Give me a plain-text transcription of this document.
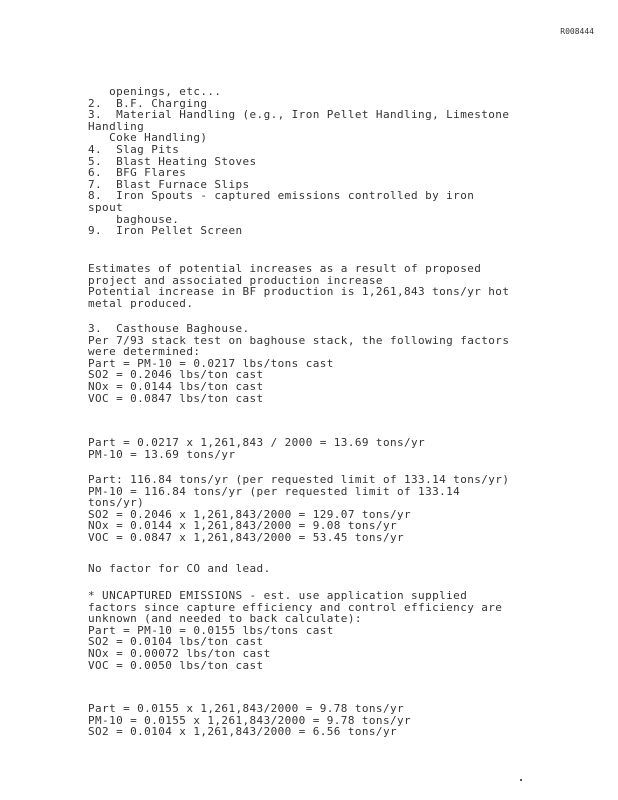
R008444
openings, etc...
2.  B.F. Charging
3.  Material Handling (e.g., Iron Pellet Handling, Limestone
Handling
Coke Handling)
4.  Slag Pits
5.  Blast Heating Stoves
6.  BFG Flares
7.  Blast Furnace Slips
8.  Iron Spouts - captured emissions controlled by iron
spout
baghouse.
9.  Iron Pellet Screen
Estimates of potential increases as a result of proposed
project and associated production increase
Potential increase in BF production is 1,261,843 tons/yr hot
metal produced.
3.  Casthouse Baghouse.
Per 7/93 stack test on baghouse stack, the following factors
were determined:
Part = PM-10 = 0.0217 lbs/tons cast
SO2 = 0.2046 lbs/ton cast
NOx = 0.0144 lbs/ton cast
VOC = 0.0847 lbs/ton cast
Part = 0.0217 x 1,261,843 / 2000 = 13.69 tons/yr
PM-10 = 13.69 tons/yr
Part: 116.84 tons/yr (per requested limit of 133.14 tons/yr)
PM-10 = 116.84 tons/yr (per requested limit of 133.14
tons/yr)
SO2 = 0.2046 x 1,261,843/2000 = 129.07 tons/yr
NOx = 0.0144 x 1,261,843/2000 = 9.08 tons/yr
VOC = 0.0847 x 1,261,843/2000 = 53.45 tons/yr
No factor for CO and lead.
* UNCAPTURED EMISSIONS - est. use application supplied
factors since capture efficiency and control efficiency are
unknown (and needed to back calculate):
Part = PM-10 = 0.0155 lbs/tons cast
SO2 = 0.0104 lbs/ton cast
NOx = 0.00072 lbs/ton cast
VOC = 0.0050 lbs/ton cast
Part = 0.0155 x 1,261,843/2000 = 9.78 tons/yr
PM-10 = 0.0155 x 1,261,843/2000 = 9.78 tons/yr
SO2 = 0.0104 x 1,261,843/2000 = 6.56 tons/yr
